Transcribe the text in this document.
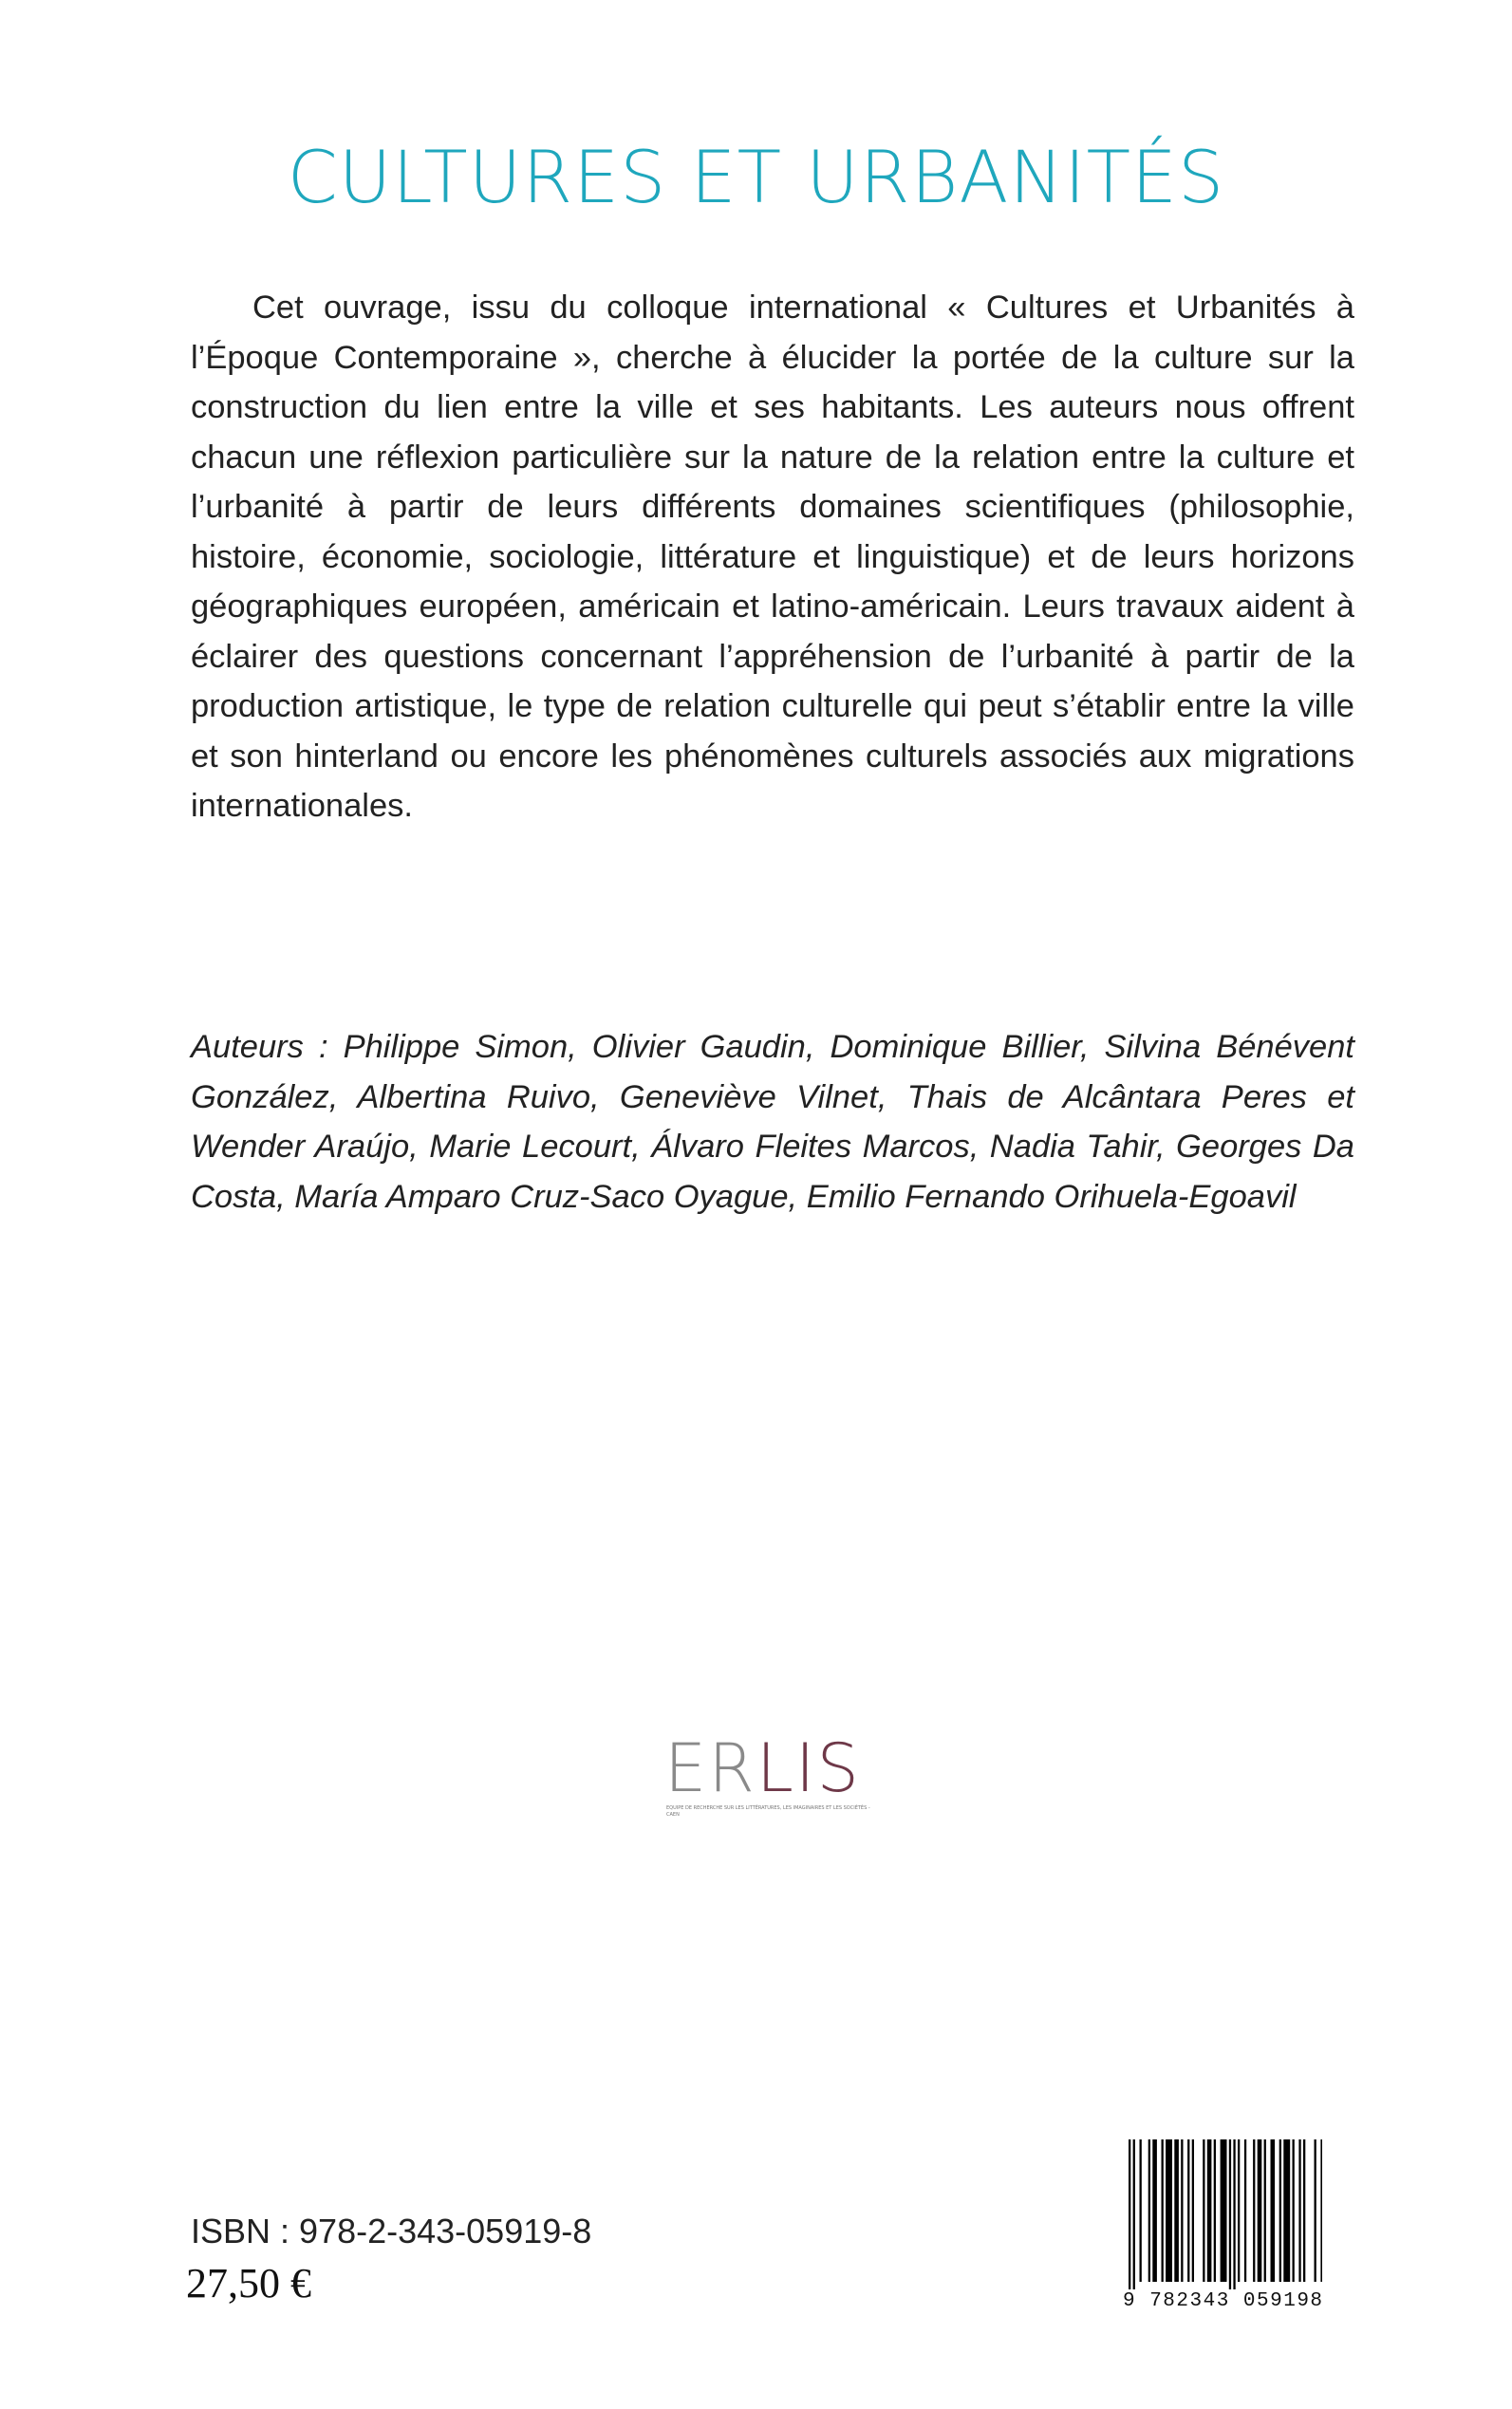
CULTURES ET URBANITÉS

Cet ouvrage, issu du colloque international « Cultures et Urbanités à l’Époque Contemporaine », cherche à élucider la portée de la culture sur la construction du lien entre la ville et ses habitants. Les auteurs nous offrent chacun une réflexion particulière sur la nature de la relation entre la culture et l’urbanité à partir de leurs différents domaines scientifiques (philosophie, histoire, économie, sociologie, littérature et linguistique) et de leurs horizons géographiques européen, américain et latino-américain. Leurs travaux aident à éclairer des questions concernant l’appréhension de l’urbanité à partir de la production artistique, le type de relation culturelle qui peut s’établir entre la ville et son hinterland ou encore les phénomènes culturels associés aux migrations internationales.

Auteurs : Philippe Simon, Olivier Gaudin, Dominique Billier, Silvina Bénévent González, Albertina Ruivo, Geneviève Vilnet, Thais de Alcântara Peres et Wender Araújo, Marie Lecourt, Álvaro Fleites Marcos, Nadia Tahir, Georges Da Costa, María Amparo Cruz-Saco Oyague, Emilio Fernando Orihuela-Egoavil

ERLIS
EQUIPE DE RECHERCHE SUR LES LITTÉRATURES, LES IMAGINAIRES ET LES SOCIÉTÉS - CAEN
ISBN : 978-2-343-05919-8
27,50 €	9 782343 059198
